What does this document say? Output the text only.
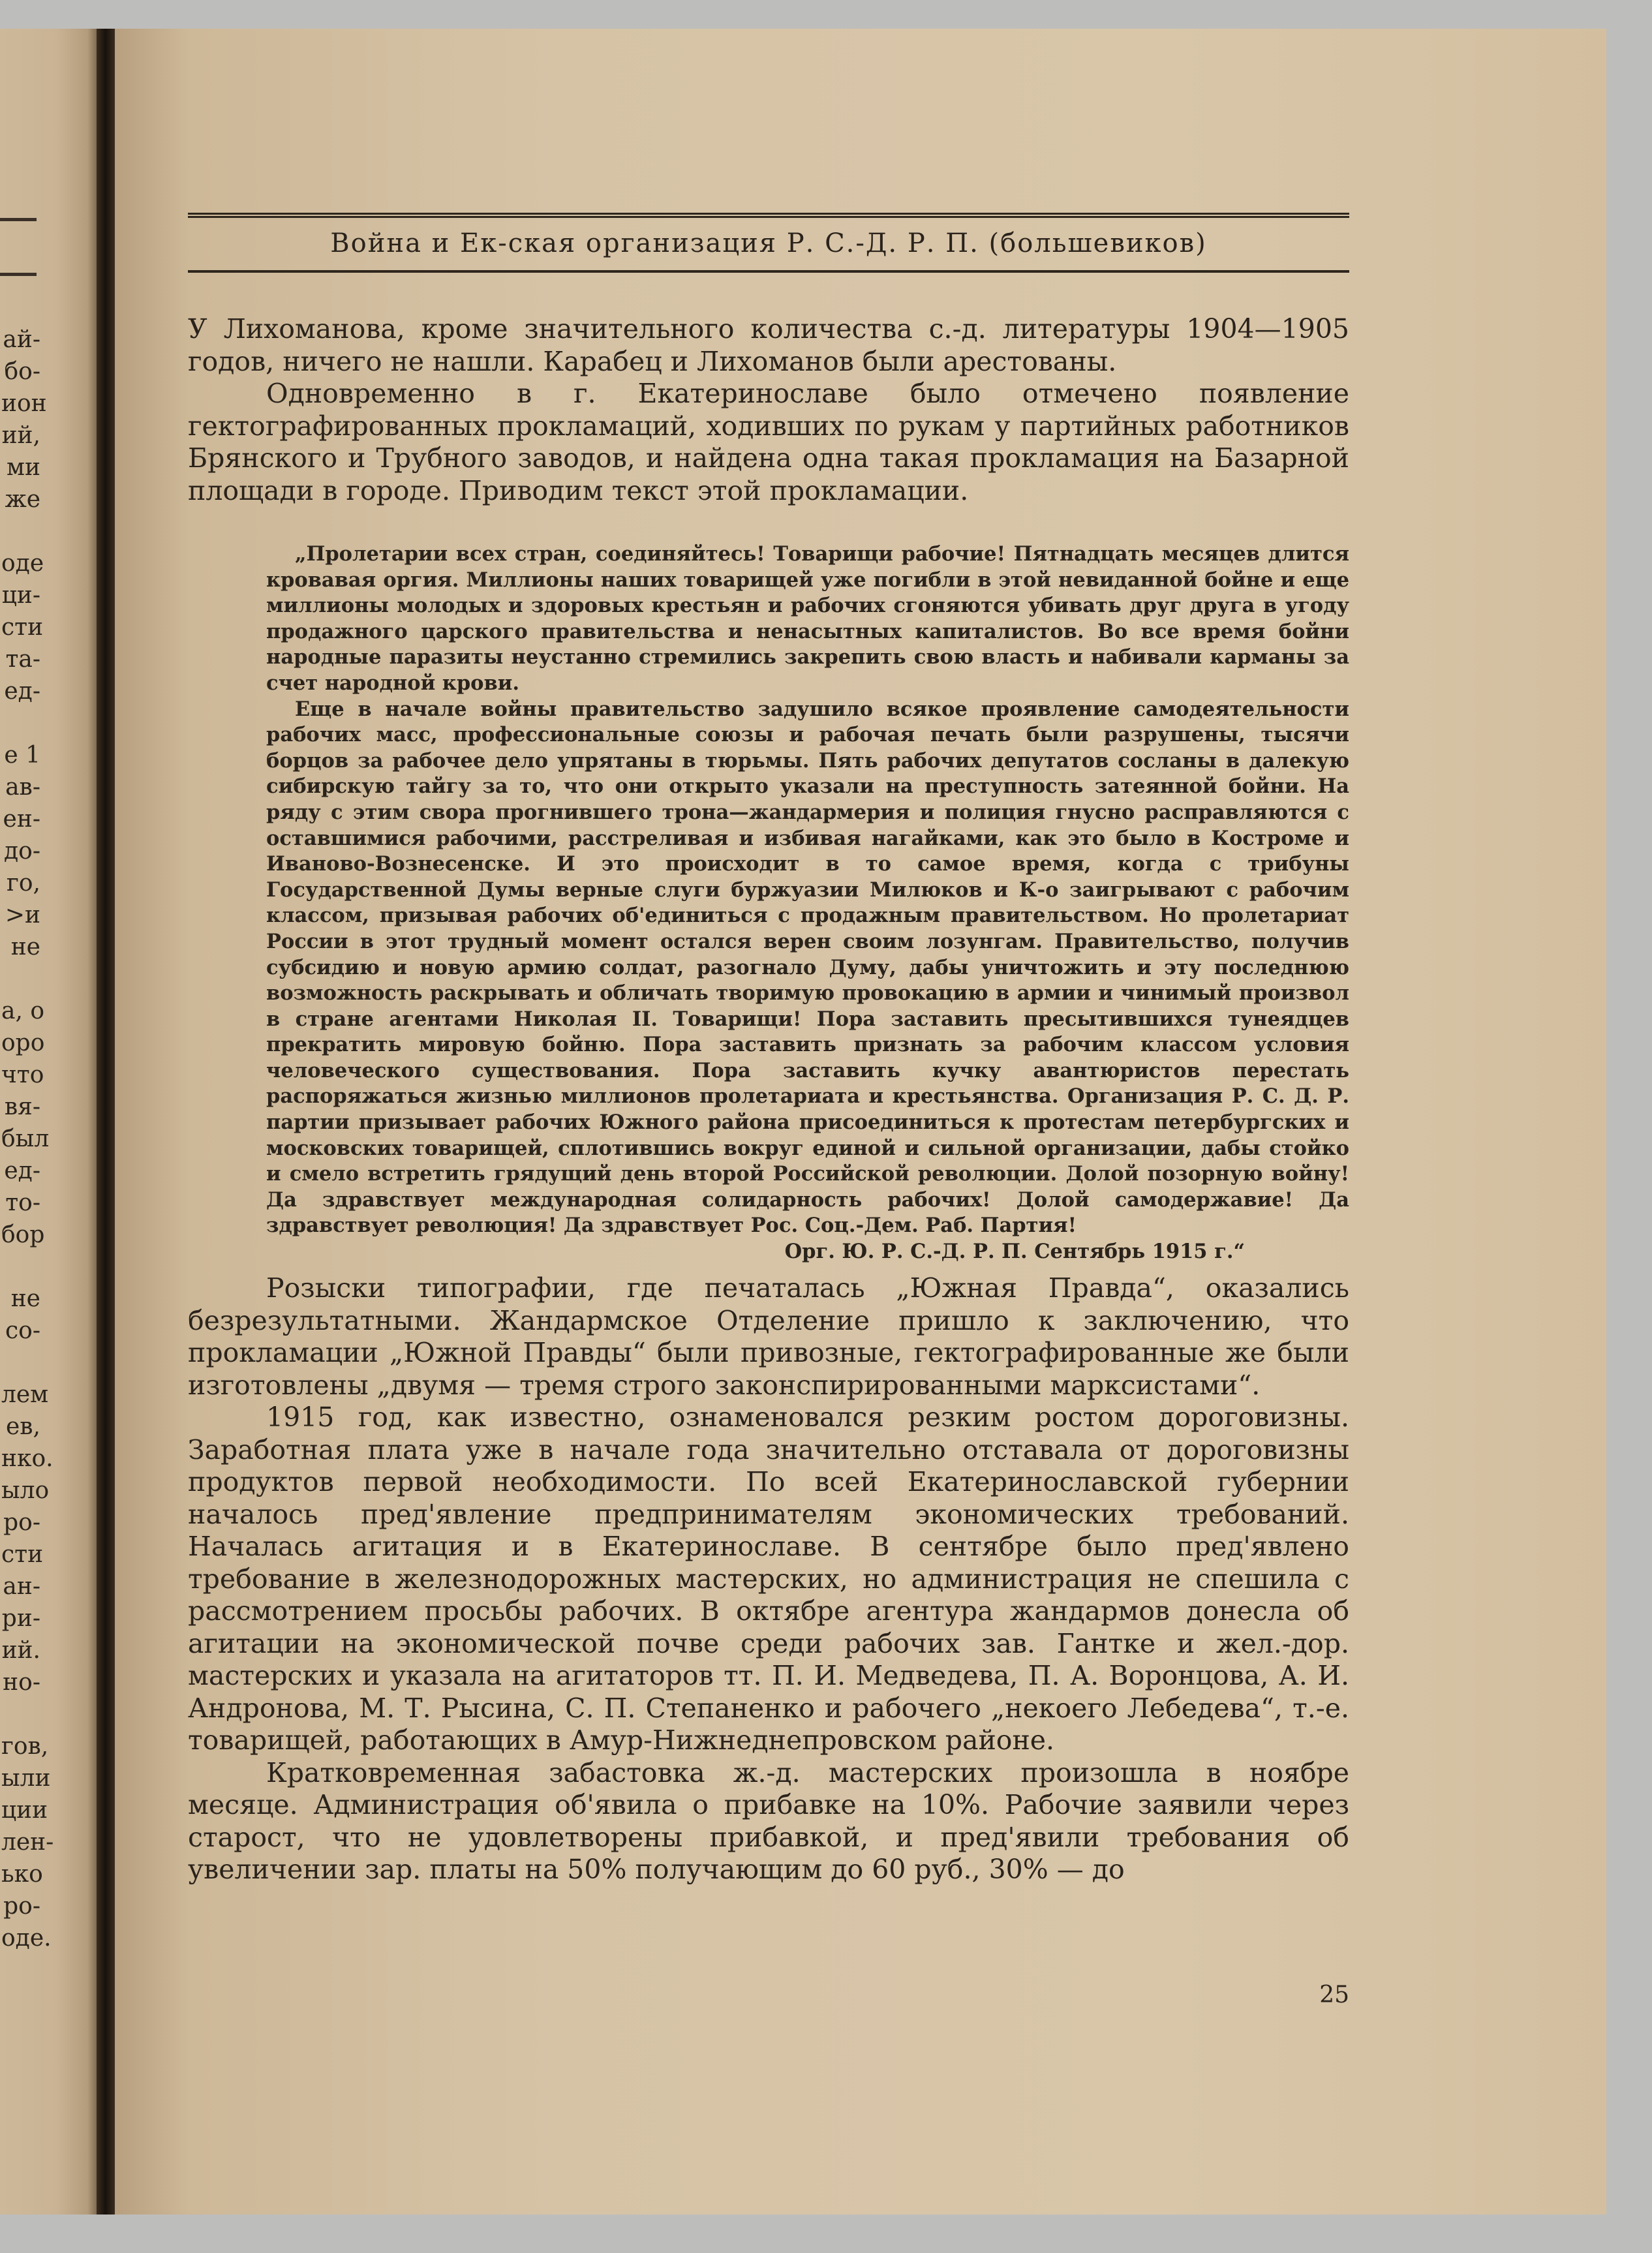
ай-
бо-
ион
ий,
ми
же

оде
ци-
сти
та-
ед-

е 1
ав-
ен-
до-
го,
>и
не

а, о
оро
что
вя-
был
ед-
то-
бор

не
со-

лем
ев,
нко.
ыло
ро-
сти
ан-
ри-
ий.
но-

гов,
ыли
ции
лен-
ько
ро-
оде.
Война и Ек-ская организация Р. С.-Д. Р. П. (большевиков)

У Лихоманова, кроме значительного количества с.-д. литературы 1904—1905 годов, ничего не нашли. Карабец и Лихоманов были арестованы.

Одновременно в г. Екатеринославе было отмечено появление гектографированных прокламаций, ходивших по рукам у партийных работников Брянского и Трубного заводов, и найдена одна такая прокламация на Базарной площади в городе. Приводим текст этой прокламации.

„Пролетарии всех стран, соединяйтесь! Товарищи рабочие! Пятнадцать месяцев длится кровавая оргия. Миллионы наших товарищей уже погибли в этой невиданной бойне и еще миллионы молодых и здоровых крестьян и рабочих сгоняются убивать друг друга в угоду продажного царского правительства и ненасытных капиталистов. Во все время бойни народные паразиты неустанно стремились закрепить свою власть и набивали карманы за счет народной крови.

Еще в начале войны правительство задушило всякое проявление самодеятельности рабочих масс, профессиональные союзы и рабочая печать были разрушены, тысячи борцов за рабочее дело упрятаны в тюрьмы. Пять рабочих депутатов сосланы в далекую сибирскую тайгу за то, что они открыто указали на преступность затеянной бойни. На ряду с этим свора прогнившего трона—жандармерия и полиция гнусно расправляются с оставшимися рабочими, расстреливая и избивая нагайками, как это было в Костроме и Иваново-Вознесенске. И это происходит в то самое время, когда с трибуны Государственной Думы верные слуги буржуазии Милюков и К-о заигрывают с рабочим классом, призывая рабочих об'единиться с продажным правительством. Но пролетариат России в этот трудный момент остался верен своим лозунгам. Правительство, получив субсидию и новую армию солдат, разогнало Думу, дабы уничтожить и эту последнюю возможность раскрывать и обличать творимую провокацию в армии и чинимый произвол в стране агентами Николая II. Товарищи! Пора заставить пресытившихся тунеядцев прекратить мировую бойню. Пора заставить признать за рабочим классом условия человеческого существования. Пора заставить кучку авантюристов перестать распоряжаться жизнью миллионов пролетариата и крестьянства. Организация Р. С. Д. Р. партии призывает рабочих Южного района присоединиться к протестам петербургских и московских товарищей, сплотившись вокруг единой и сильной организации, дабы стойко и смело встретить грядущий день второй Российской революции. Долой позорную войну! Да здравствует международная солидарность рабочих! Долой самодержавие! Да здравствует революция! Да здравствует Рос. Соц.-Дем. Раб. Партия!

Орг. Ю. Р. С.-Д. Р. П. Сентябрь 1915 г.“

Розыски типографии, где печаталась „Южная Правда“, оказались безрезультатными. Жандармское Отделение пришло к заключению, что прокламации „Южной Правды“ были привозные, гектографированные же были изготовлены „двумя — тремя строго законспирированными марксистами“.

1915 год, как известно, ознаменовался резким ростом дороговизны. Заработная плата уже в начале года значительно отставала от дороговизны продуктов первой необходимости. По всей Екатеринославской губернии началось пред'явление предпринимателям экономических требований. Началась агитация и в Екатеринославе. В сентябре было пред'явлено требование в железнодорожных мастерских, но администрация не спешила с рассмотрением просьбы рабочих. В октябре агентура жандармов донесла об агитации на экономической почве среди рабочих зав. Гантке и жел.-дор. мастерских и указала на агитаторов тт. П. И. Медведева, П. А. Воронцова, А. И. Андронова, М. Т. Рысина, С. П. Степаненко и рабочего „некоего Лебедева“, т.-е. товарищей, работающих в Амур-Нижнеднепровском районе.

Кратковременная забастовка ж.-д. мастерских произошла в ноябре месяце. Администрация об'явила о прибавке на 10%. Рабочие заявили через старост, что не удовлетворены прибавкой, и пред'явили требования об увеличении зар. платы на 50% получающим до 60 руб., 30% — до

25
